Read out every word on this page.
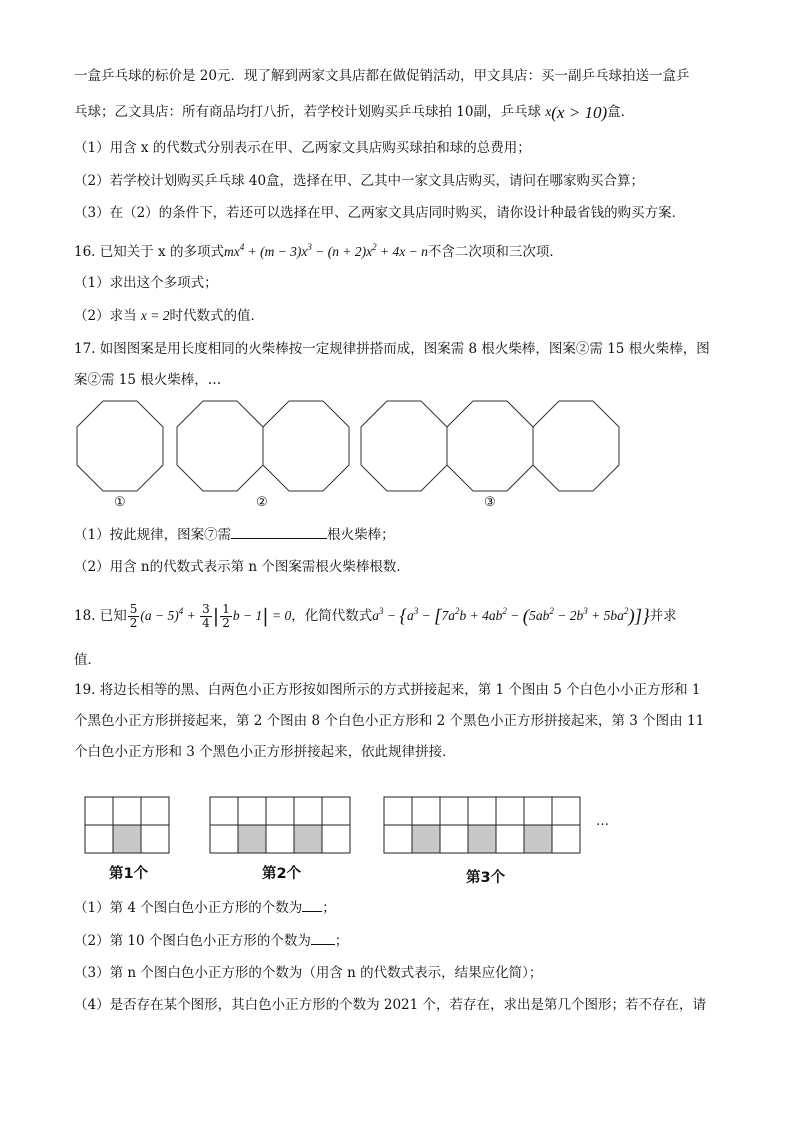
一盒乒乓球的标价是 20元．现了解到两家文具店都在做促销活动，甲文具店：买一副乒乓球拍送一盒乒
乓球；乙文具店：所有商品均打八折，若学校计划购买乒乓球拍 10副，乒乓球 x(x > 10)盒．
（1）用含 x 的代数式分别表示在甲、乙两家文具店购买球拍和球的总费用；
（2）若学校计划购买乒乓球 40盒，选择在甲、乙其中一家文具店购买，请问在哪家购买合算；
（3）在（2）的条件下，若还可以选择在甲、乙两家文具店同时购买，请你设计种最省钱的购买方案．
16. 已知关于 x 的多项式$mx^4 + (m - 3)x^3 - (n + 2)x^2 + 4x - n$不含二次项和三次项．
（1）求出这个多项式；
（2）求当 x = 2时代数式的值．
17. 如图图案是用长度相同的火柴棒按一定规律拼搭而成，图案需 8 根火柴棒，图案②需 15 根火柴棒，图
案②需 15 根火柴棒，…
①	②	③
（1）按此规律，图案⑦需	根火柴棒；
（2）用含 n的代数式表示第 n 个图案需根火柴棒根数．
18. 已知 $\frac{5}{2} (a - 5)^4 + \frac{3}{4}$ | $\frac{1}{2}$ b − 1| = 0，化简代数式$a^3 - \{a^3 - [7a^2b + 4ab^2 - (5ab^2 - 2b^3 + 5ba^2)]\}$并求
值．
19. 将边长相等的黑、白两色小正方形按如图所示的方式拼接起来，第 1 个图由 5 个白色小小正方形和 1
个黑色小正方形拼接起来，第 2 个图由 8 个白色小正方形和 2 个黑色小正方形拼接起来，第 3 个图由 11
个白色小正方形和 3 个黑色小正方形拼接起来，依此规律拼接．
…
第1个	第2个	第3个
（1）第 4 个图白色小正方形的个数为 ；
（2）第 10 个图白色小正方形的个数为 ；
（3）第 n 个图白色小正方形的个数为（用含 n 的代数式表示，结果应化简）；
（4）是否存在某个图形，其白色小正方形的个数为 2021 个，若存在，求出是第几个图形；若不存在，请
